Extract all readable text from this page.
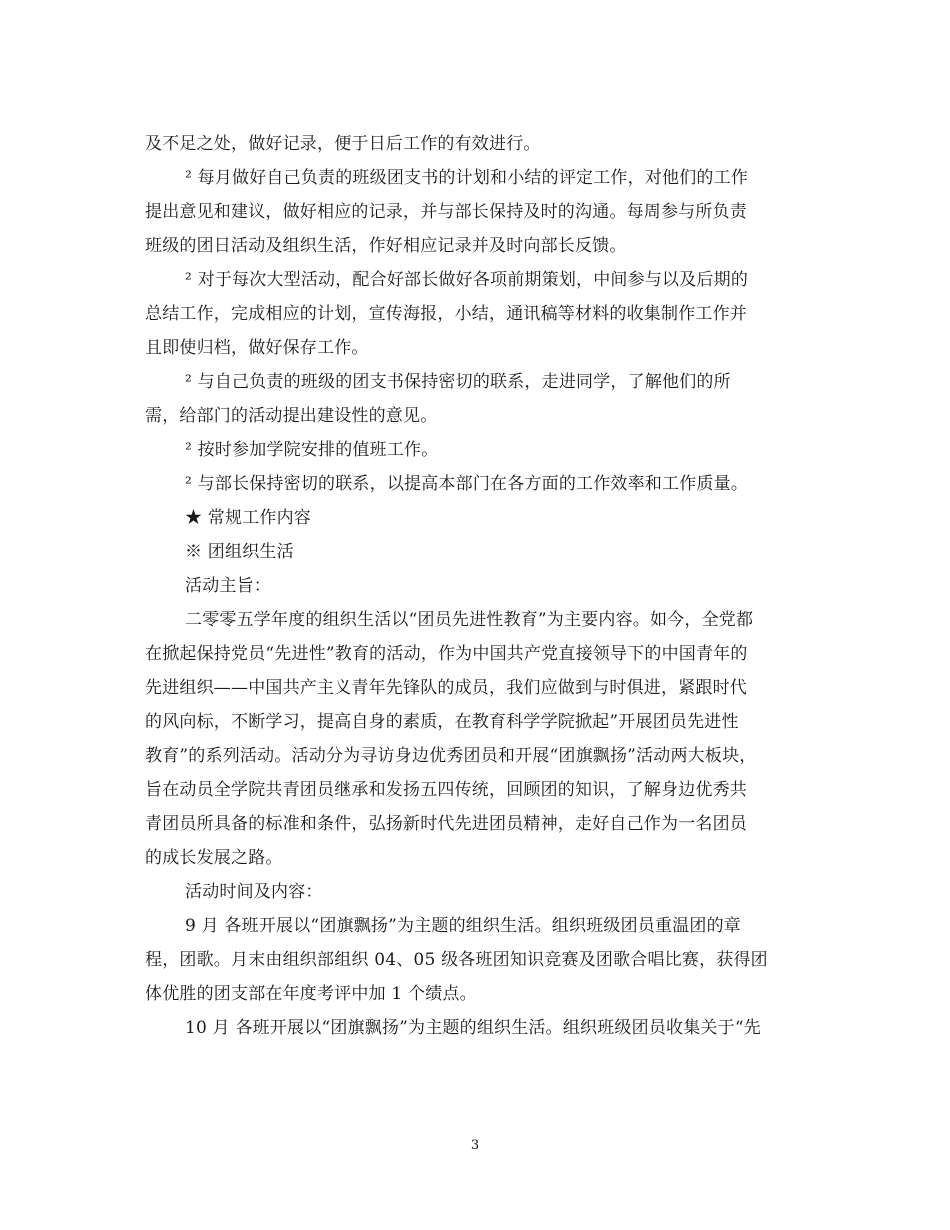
及不足之处，做好记录，便于日后工作的有效进行。
² 每月做好自己负责的班级团支书的计划和小结的评定工作，对他们的工作
提出意见和建议，做好相应的记录，并与部长保持及时的沟通。每周参与所负责
班级的团日活动及组织生活，作好相应记录并及时向部长反馈。
² 对于每次大型活动，配合好部长做好各项前期策划，中间参与以及后期的
总结工作，完成相应的计划，宣传海报，小结，通讯稿等材料的收集制作工作并
且即使归档，做好保存工作。
² 与自己负责的班级的团支书保持密切的联系，走进同学，了解他们的所
需，给部门的活动提出建设性的意见。
² 按时参加学院安排的值班工作。
² 与部长保持密切的联系，以提高本部门在各方面的工作效率和工作质量。
★ 常规工作内容
※ 团组织生活
活动主旨：
二零零五学年度的组织生活以“团员先进性教育”为主要内容。如今，全党都
在掀起保持党员“先进性”教育的活动，作为中国共产党直接领导下的中国青年的
先进组织——中国共产主义青年先锋队的成员，我们应做到与时俱进，紧跟时代
的风向标，不断学习，提高自身的素质，在教育科学学院掀起”开展团员先进性
教育”的系列活动。活动分为寻访身边优秀团员和开展“团旗飘扬”活动两大板块，
旨在动员全学院共青团员继承和发扬五四传统，回顾团的知识，了解身边优秀共
青团员所具备的标准和条件，弘扬新时代先进团员精神，走好自己作为一名团员
的成长发展之路。
活动时间及内容：
9 月 各班开展以“团旗飘扬”为主题的组织生活。组织班级团员重温团的章
程，团歌。月末由组织部组织 04、05 级各班团知识竞赛及团歌合唱比赛，获得团
体优胜的团支部在年度考评中加 1 个绩点。
10 月 各班开展以“团旗飘扬”为主题的组织生活。组织班级团员收集关于“先
3
